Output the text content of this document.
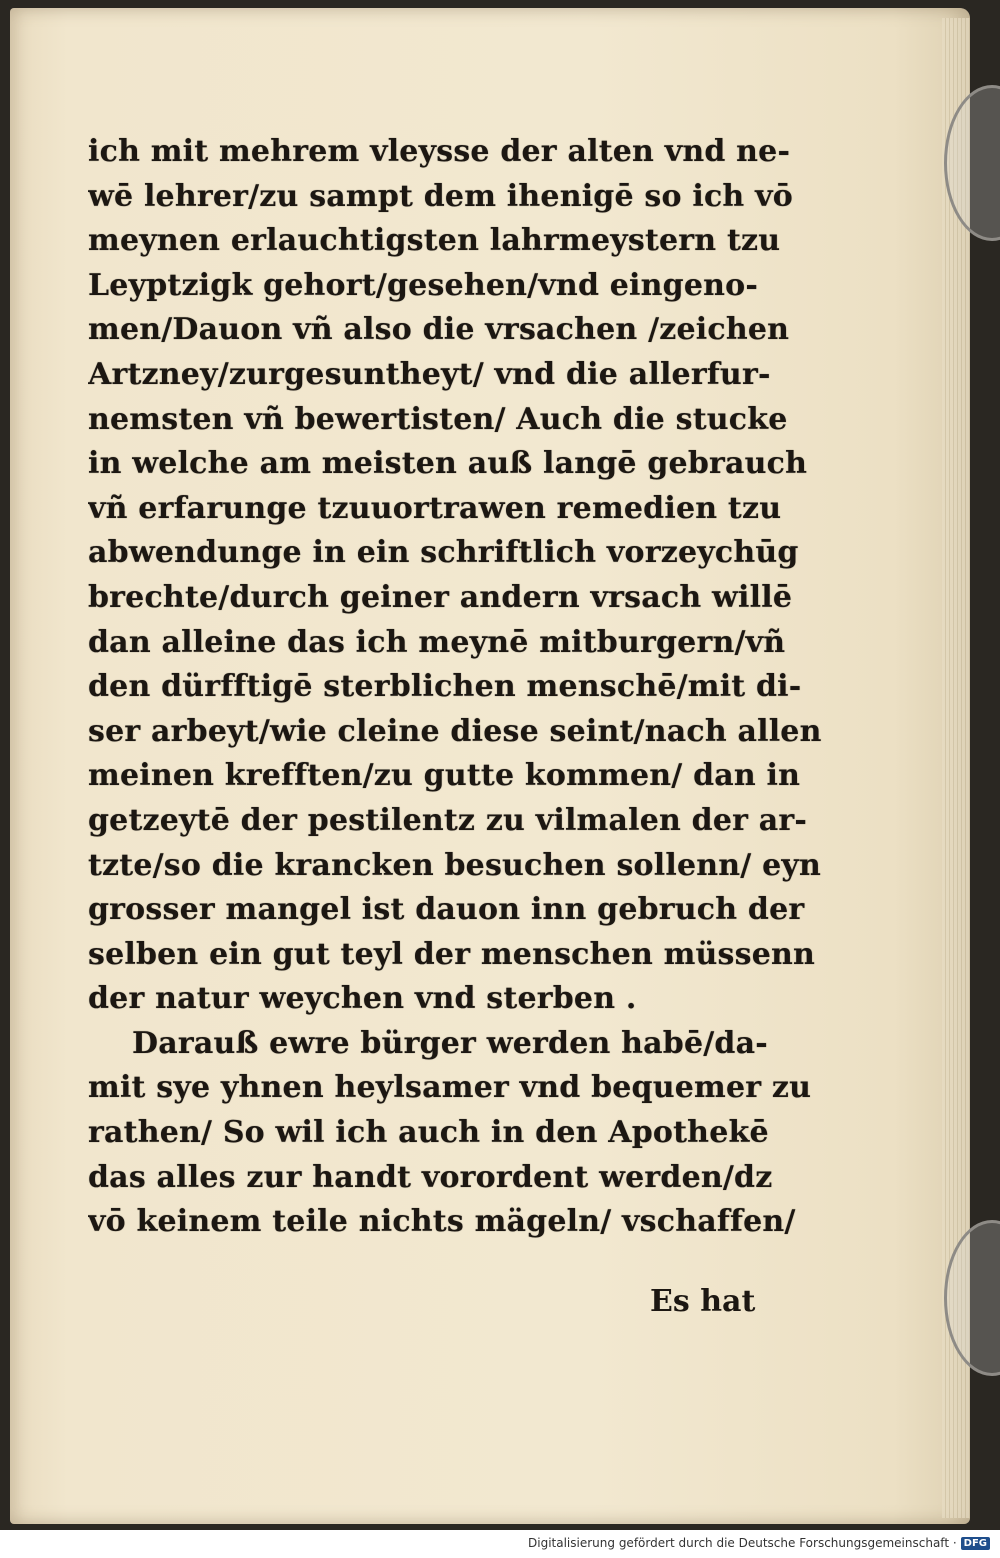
ich mit mehrem vleysse der alten vnd ne-
wē lehrer/zu sampt dem ihenigē so ich vō
meynen erlauchtigsten lahrmeystern tzu
Leyptzigk gehort/gesehen/vnd eingeno-
men/Dauon vñ also die vrsachen /zeichen
Artzney/zurgesuntheyt/ vnd die allerfur-
nemsten vñ bewertisten/ Auch die stucke
in welche am meisten auß langē gebrauch
vñ erfarunge tzuuortrawen remedien tzu
abwendunge in ein schriftlich vorzeychūg
brechte/durch geiner andern vrsach willē
dan alleine das ich meynē mitburgern/vñ
den dürfftigē sterblichen menschē/mit di-
ser arbeyt/wie cleine diese seint/nach allen
meinen krefften/zu gutte kommen/ dan in
getzeytē der pestilentz zu vilmalen der ar-
tzte/so die krancken besuchen sollenn/ eyn
grosser mangel ist dauon inn gebruch der
selben ein gut teyl der menschen müssenn
der natur weychen vnd sterben .
Darauß ewre bürger werden habē/da-
mit sye yhnen heylsamer vnd bequemer zu
rathen/ So wil ich auch in den Apothekē
das alles zur handt vorordent werden/dz
vō keinem teile nichts mägeln/ vschaffen/
Es hat
Digitalisierung gefördert durch die Deutsche Forschungsgemeinschaft · DFG
